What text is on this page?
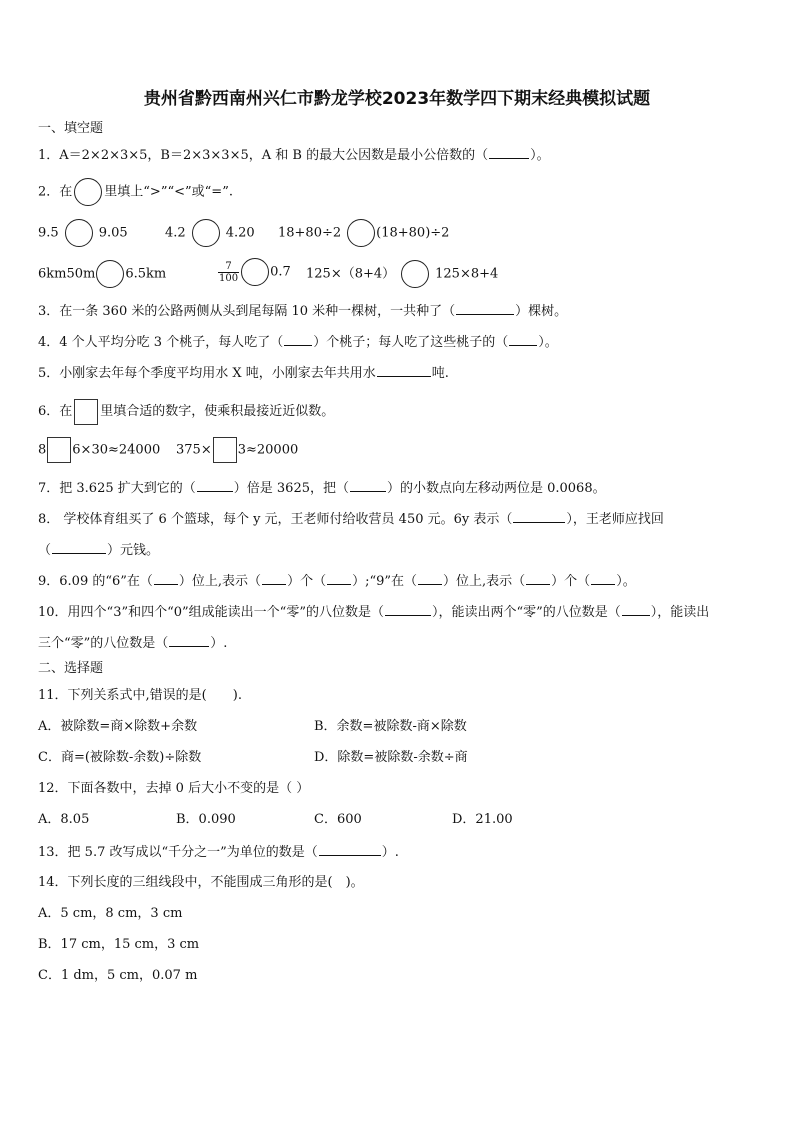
贵州省黔西南州兴仁市黔龙学校2023年数学四下期末经典模拟试题
一、填空题
1．A＝2×2×3×5，B＝2×3×3×5，A 和 B 的最大公因数是最小公倍数的（	）。
2．在 里填上“>”“<”或“=”.
9.5	9.05	4.2	4.20 18+80÷2	(18+80)÷2
6km50m 6.5km	$\frac{7}{100} 0.7$ 125×（8+4）	125×8+4
3．在一条 360 米的公路两侧从头到尾每隔 10 米种一棵树，一共种了（	）棵树。
4．4 个人平均分吃 3 个桃子，每人吃了（ ）个桃子；每人吃了这些桃子的（ ）。
5．小刚家去年每个季度平均用水 X 吨，小刚家去年共用水	吨.
6．在 里填合适的数字，使乘积最接近近似数。
8 6×30≈24000 375× 3≈20000
7．把 3.625 扩大到它的（	）倍是 3625，把（	）的小数点向左移动两位是 0.0068。
8． 学校体育组买了 6 个篮球，每个 y 元，王老师付给收营员 450 元。6y 表示（	），王老师应找回
（	）元钱。
9．6.09 的“6”在（ ）位上,表示（ ）个（ ）;“9”在（ ）位上,表示（ ）个（ ）。
10．用四个“3”和四个“0”组成能读出一个“零”的八位数是（	），能读出两个“零”的八位数是（ ），能读出
三个“零”的八位数是（	）.
二、选择题
11．下列关系式中,错误的是(　　).
A．被除数=商×除数+余数	B．余数=被除数-商×除数
C．商=(被除数-余数)÷除数	D．除数=被除数-余数÷商
12．下面各数中，去掉 0 后大小不变的是（ ）
A．8.05	B．0.090	C．600	D．21.00
13．把 5.7 改写成以“千分之一”为单位的数是（	）.
14．下列长度的三组线段中，不能围成三角形的是(　)。
A．5 cm，8 cm，3 cm
B．17 cm，15 cm，3 cm
C．1 dm，5 cm，0.07 m
